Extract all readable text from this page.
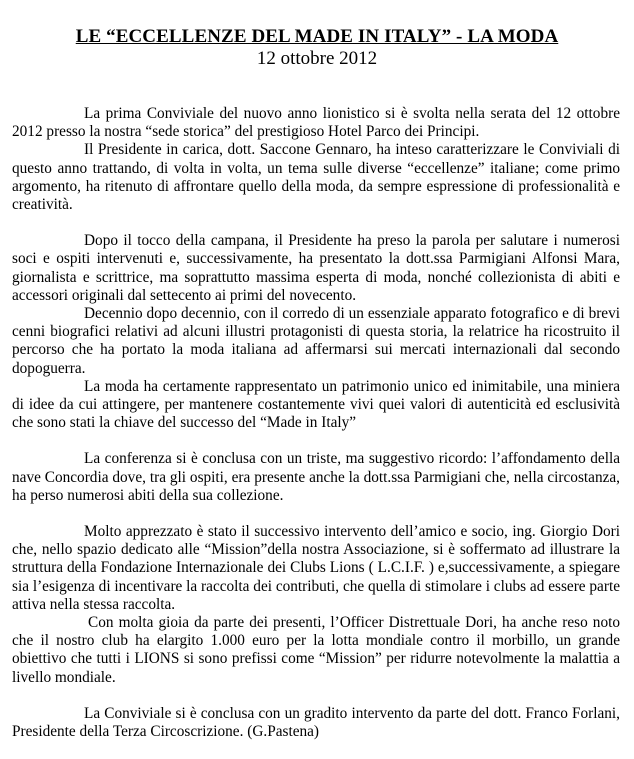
LE “ECCELLENZE DEL MADE IN ITALY” - LA MODA
12 ottobre 2012

La prima Conviviale del nuovo anno lionistico si è svolta nella serata del 12 ottobre 2012 presso la nostra “sede storica” del prestigioso Hotel Parco dei Principi.

Il Presidente in carica, dott. Saccone Gennaro, ha inteso caratterizzare le Conviviali di questo anno trattando, di volta in volta, un tema sulle diverse “eccellenze” italiane; come primo argomento, ha ritenuto di affrontare quello della moda, da sempre espressione di professionalità e creatività.

Dopo il tocco della campana, il Presidente ha preso la parola per salutare i numerosi soci e ospiti intervenuti e, successivamente, ha presentato la dott.ssa Parmigiani Alfonsi Mara, giornalista e scrittrice, ma soprattutto massima esperta di moda, nonché collezionista di abiti e accessori originali dal settecento ai primi del novecento.

Decennio dopo decennio, con il corredo di un essenziale apparato fotografico e di brevi cenni biografici relativi ad alcuni illustri protagonisti di questa storia, la relatrice ha ricostruito il percorso che ha portato la moda italiana ad affermarsi sui mercati internazionali dal secondo dopoguerra.

La moda ha certamente rappresentato un patrimonio unico ed inimitabile, una miniera di idee da cui attingere, per mantenere costantemente vivi quei valori di autenticità ed esclusività che sono stati la chiave del successo del “Made in Italy”

La conferenza si è conclusa con un triste, ma suggestivo ricordo: l’affondamento della nave Concordia dove, tra gli ospiti, era presente anche la dott.ssa Parmigiani che, nella circostanza, ha perso numerosi abiti della sua collezione.

Molto apprezzato è stato il successivo intervento dell’amico e socio, ing. Giorgio Dori che, nello spazio dedicato alle “Mission”della nostra Associazione, si è soffermato ad illustrare la struttura della Fondazione Internazionale dei Clubs Lions ( L.C.I.F. ) e,successivamente, a spiegare sia l’esigenza di incentivare la raccolta dei contributi, che quella di stimolare i clubs ad essere parte attiva nella stessa raccolta.

Con molta gioia da parte dei presenti, l’Officer Distrettuale Dori, ha anche reso noto che il nostro club ha elargito 1.000 euro per la lotta mondiale contro il morbillo, un grande obiettivo che tutti i LIONS si sono prefissi come “Mission” per ridurre notevolmente la malattia a livello mondiale.

La Conviviale si è conclusa con un gradito intervento da parte del dott. Franco Forlani, Presidente della Terza Circoscrizione. (G.Pastena)
